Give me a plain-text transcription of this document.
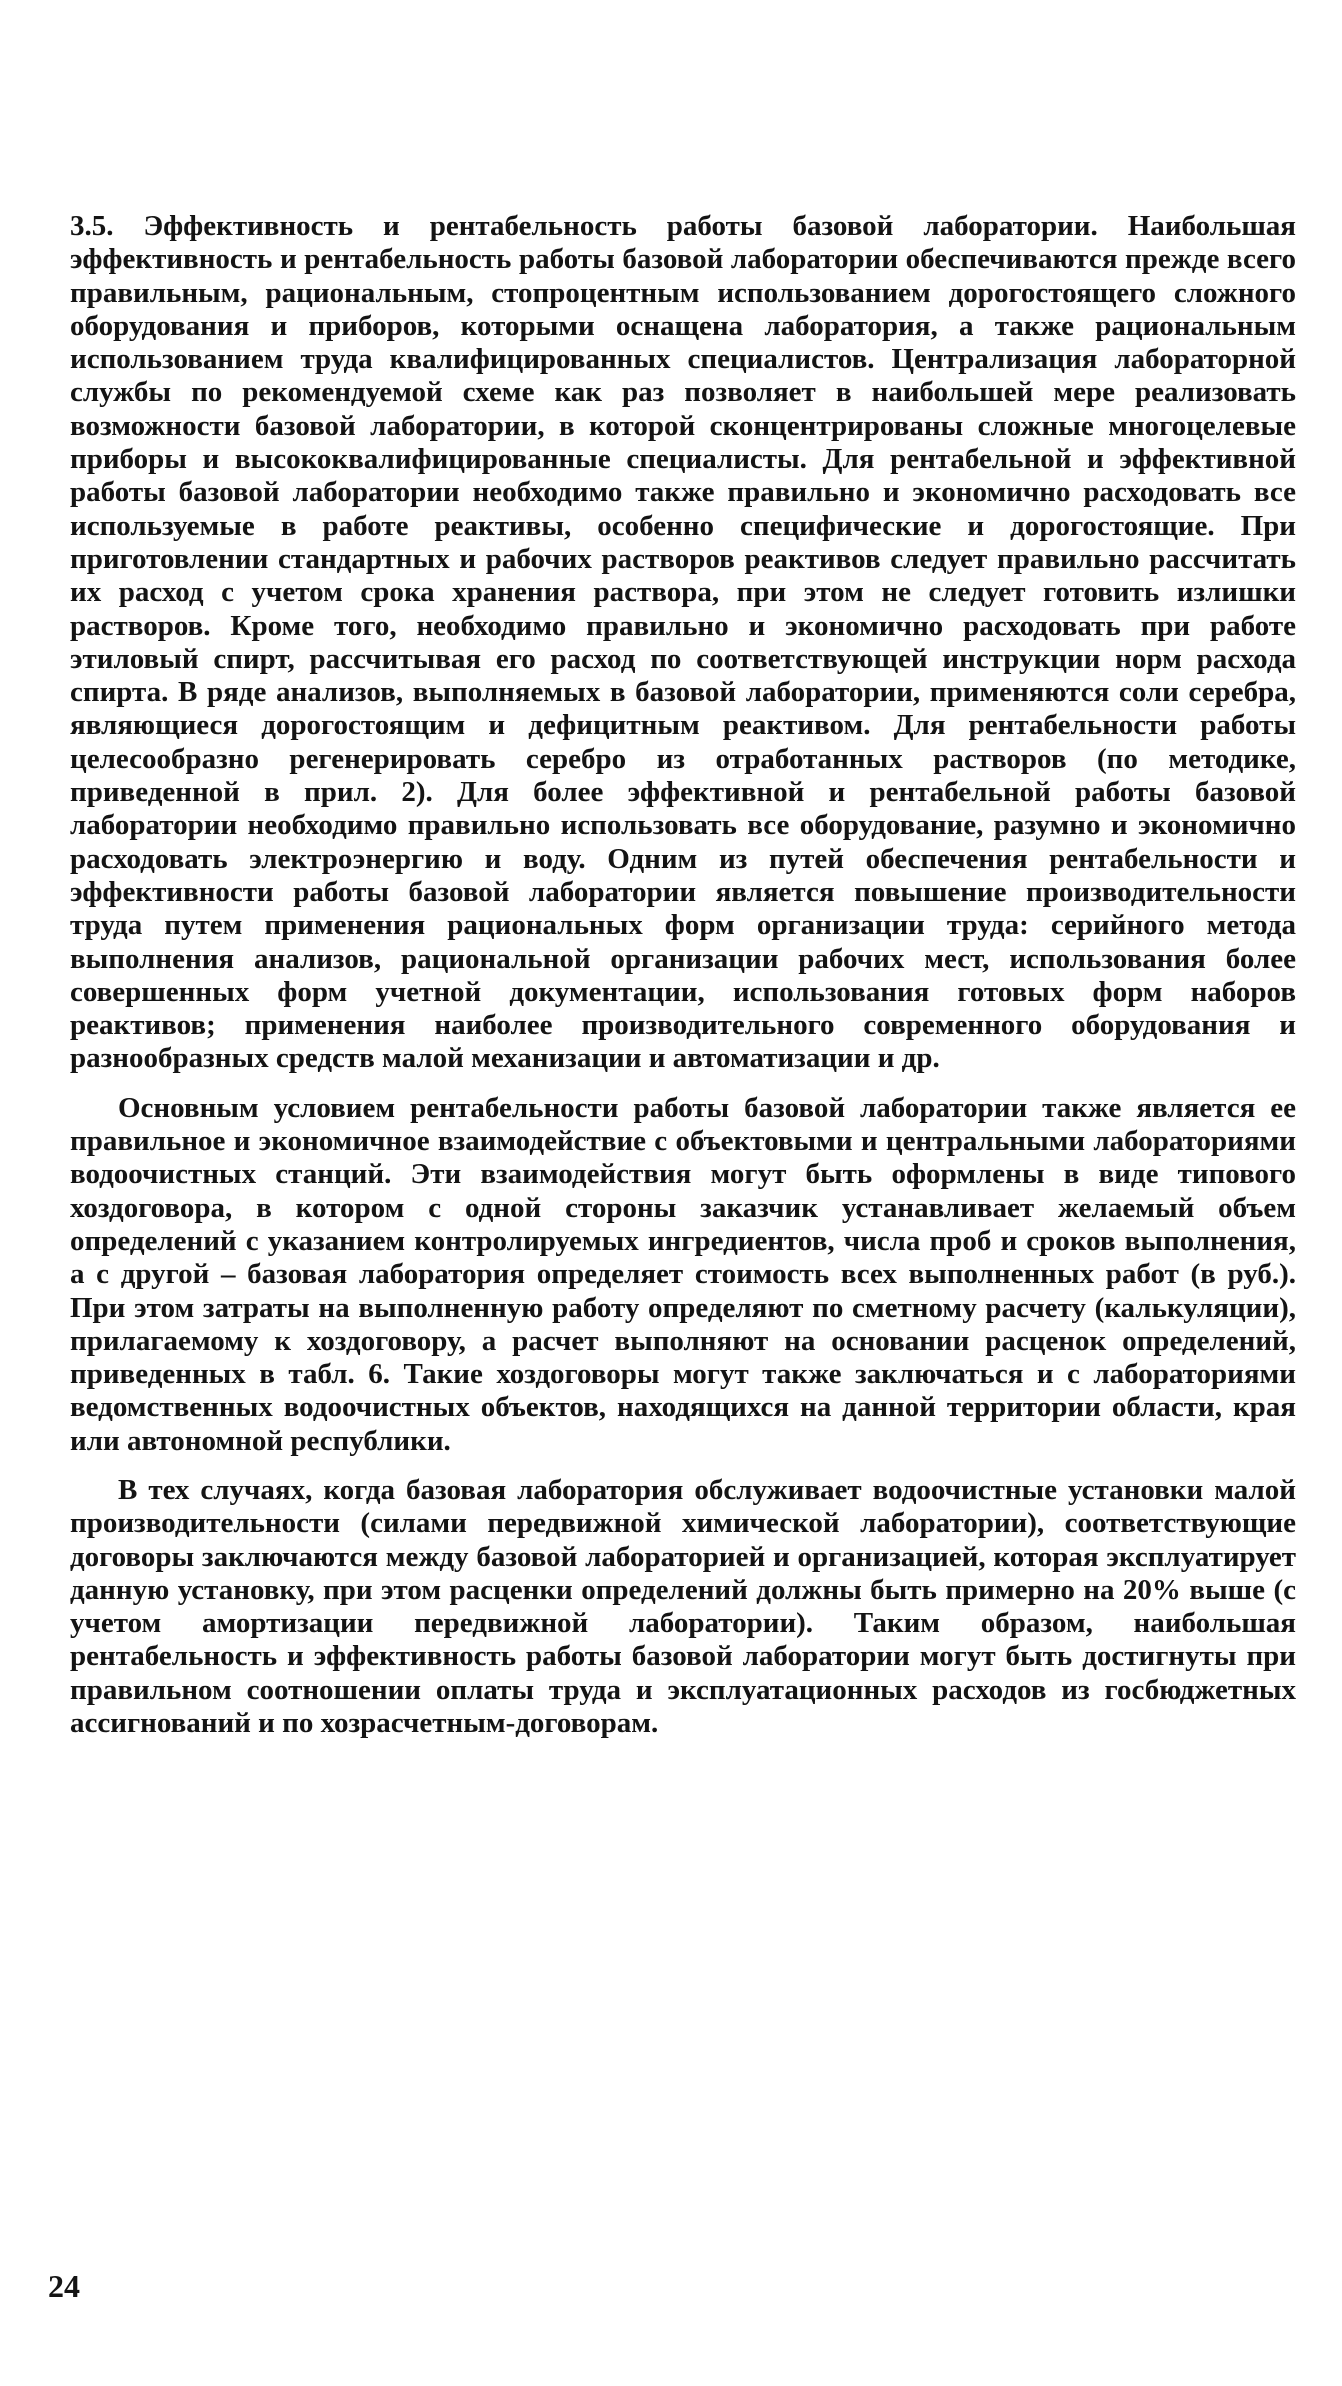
3.5. Эффективность и рентабельность работы базовой лаборатории. Наибольшая эффективность и рентабельность работы базовой лаборатории обеспечиваются прежде всего правильным, рациональным, стопроцентным использованием дорогостоящего сложного оборудования и приборов, которыми оснащена лаборатория, а также рациональным использованием труда квалифицированных специалистов. Централизация лабораторной службы по рекомендуемой схеме как раз позволяет в наибольшей мере реализовать возможности базовой лаборатории, в которой сконцентрированы сложные многоцелевые приборы и высококвалифицированные специалисты. Для рентабельной и эффективной работы базовой лаборатории необходимо также правильно и экономично расходовать все используемые в работе реактивы, особенно специфические и дорогостоящие. При приготовлении стандартных и рабочих растворов реактивов следует правильно рассчитать их расход с учетом срока хранения раствора, при этом не следует готовить излишки растворов. Кроме того, необходимо правильно и экономично расходовать при работе этиловый спирт, рассчитывая его расход по соответствующей инструкции норм расхода спирта. В ряде анализов, выполняемых в базовой лаборатории, применяются соли серебра, являющиеся дорогостоящим и дефицитным реактивом. Для рентабельности работы целесообразно регенерировать серебро из отработанных растворов (по методике, приведенной в прил. 2). Для более эффективной и рентабельной работы базовой лаборатории необходимо правильно использовать все оборудование, разумно и экономично расходовать электроэнергию и воду. Одним из путей обеспечения рентабельности и эффективности работы базовой лаборатории является повышение производительности труда путем применения рациональных форм организации труда: серийного метода выполнения анализов, рациональной организации рабочих мест, использования более совершенных форм учетной документации, использования готовых форм наборов реактивов; применения наиболее производительного современного оборудования и разнообразных средств малой механизации и автоматизации и др.

Основным условием рентабельности работы базовой лаборатории также является ее правильное и экономичное взаимодействие с объектовыми и центральными лабораториями водоочистных станций. Эти взаимодействия могут быть оформлены в виде типового хоздоговора, в котором с одной стороны заказчик устанавливает желаемый объем определений с указанием контролируемых ингредиентов, числа проб и сроков выполнения, а с другой – базовая лаборатория определяет стоимость всех выполненных работ (в руб.). При этом затраты на выполненную работу определяют по сметному расчету (калькуляции), прилагаемому к хоздоговору, а расчет выполняют на основании расценок определений, приведенных в табл. 6. Такие хоздоговоры могут также заключаться и с лабораториями ведомственных водоочистных объектов, находящихся на данной территории области, края или автономной республики.

В тех случаях, когда базовая лаборатория обслуживает водоочистные установки малой производительности (силами передвижной химической лаборатории), соответствующие договоры заключаются между базовой лабораторией и организацией, которая эксплуатирует данную установку, при этом расценки определений должны быть примерно на 20% выше (с учетом амортизации передвижной лаборатории). Таким образом, наибольшая рентабельность и эффективность работы базовой лаборатории могут быть достигнуты при правильном соотношении оплаты труда и эксплуатационных расходов из госбюджетных ассигнований и по хозрасчетным-договорам.

24
